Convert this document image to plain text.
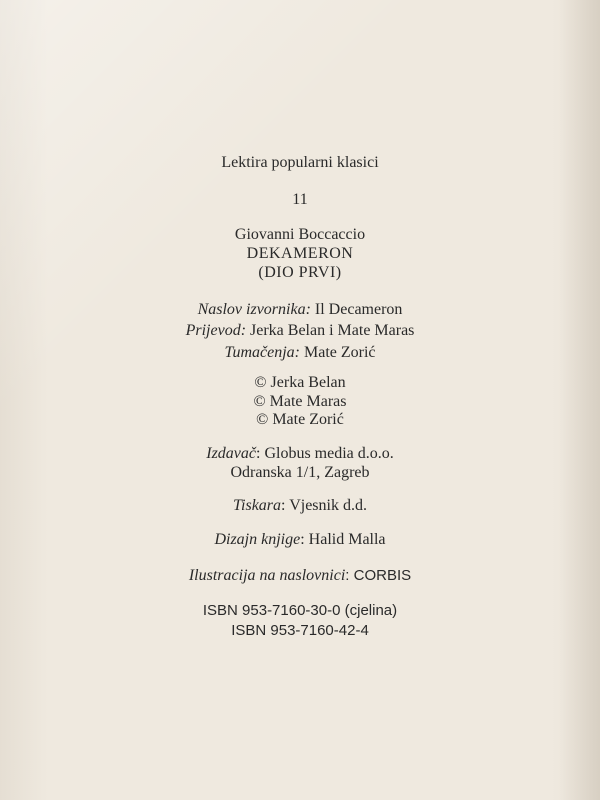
Lektira popularni klasici
11
Giovanni Boccaccio
DEKAMERON
(DIO PRVI)
Naslov izvornika: Il Decameron
Prijevod: Jerka Belan i Mate Maras
Tumačenja: Mate Zorić
© Jerka Belan
© Mate Maras
© Mate Zorić
Izdavač: Globus media d.o.o.
Odranska 1/1, Zagreb
Tiskara: Vjesnik d.d.
Dizajn knjige: Halid Malla
Ilustracija na naslovnici: CORBIS
ISBN 953-7160-30-0 (cjelina)
ISBN 953-7160-42-4
